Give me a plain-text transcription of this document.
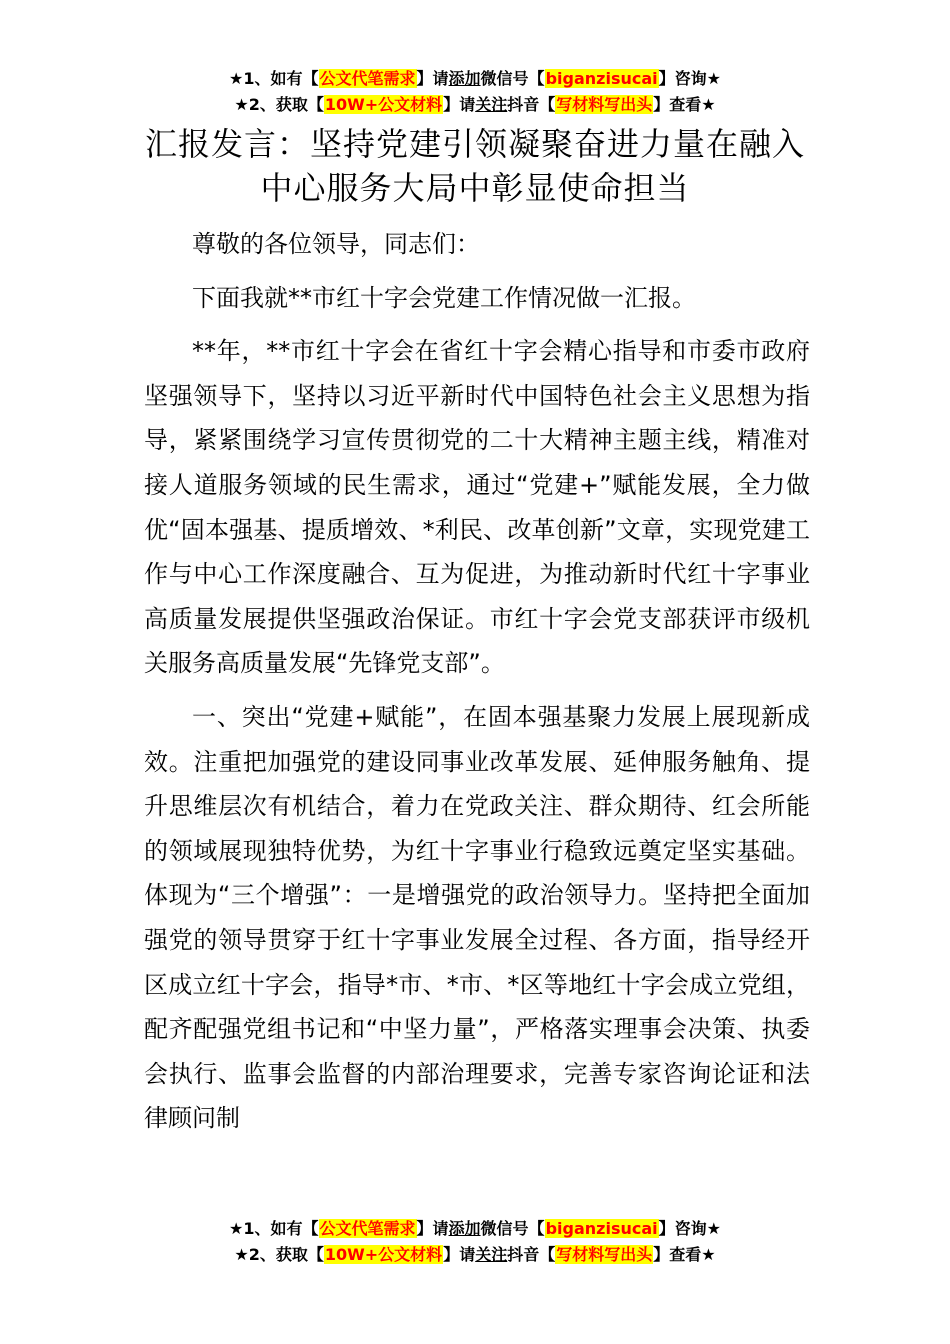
★1、如有【公文代笔需求】请添加微信号【biganzisucai】咨询★
★2、获取【10W+公文材料】请关注抖音【写材料写出头】查看★
汇报发言：坚持党建引领凝聚奋进力量在融入中心服务大局中彰显使命担当

尊敬的各位领导，同志们：

下面我就**市红十字会党建工作情况做一汇报。

**年，**市红十字会在省红十字会精心指导和市委市政府坚强领导下，坚持以习近平新时代中国特色社会主义思想为指导，紧紧围绕学习宣传贯彻党的二十大精神主题主线，精准对接人道服务领域的民生需求，通过“党建+”赋能发展，全力做优“固本强基、提质增效、*利民、改革创新”文章，实现党建工作与中心工作深度融合、互为促进，为推动新时代红十字事业高质量发展提供坚强政治保证。市红十字会党支部获评市级机关服务高质量发展“先锋党支部”。

一、突出“党建+赋能”，在固本强基聚力发展上展现新成效。注重把加强党的建设同事业改革发展、延伸服务触角、提升思维层次有机结合，着力在党政关注、群众期待、红会所能的领域展现独特优势，为红十字事业行稳致远奠定坚实基础。体现为“三个增强”：一是增强党的政治领导力。坚持把全面加强党的领导贯穿于红十字事业发展全过程、各方面，指导经开区成立红十字会，指导*市、*市、*区等地红十字会成立党组，配齐配强党组书记和“中坚力量”，严格落实理事会决策、执委会执行、监事会监督的内部治理要求，完善专家咨询论证和法律顾问制

★1、如有【公文代笔需求】请添加微信号【biganzisucai】咨询★
★2、获取【10W+公文材料】请关注抖音【写材料写出头】查看★
